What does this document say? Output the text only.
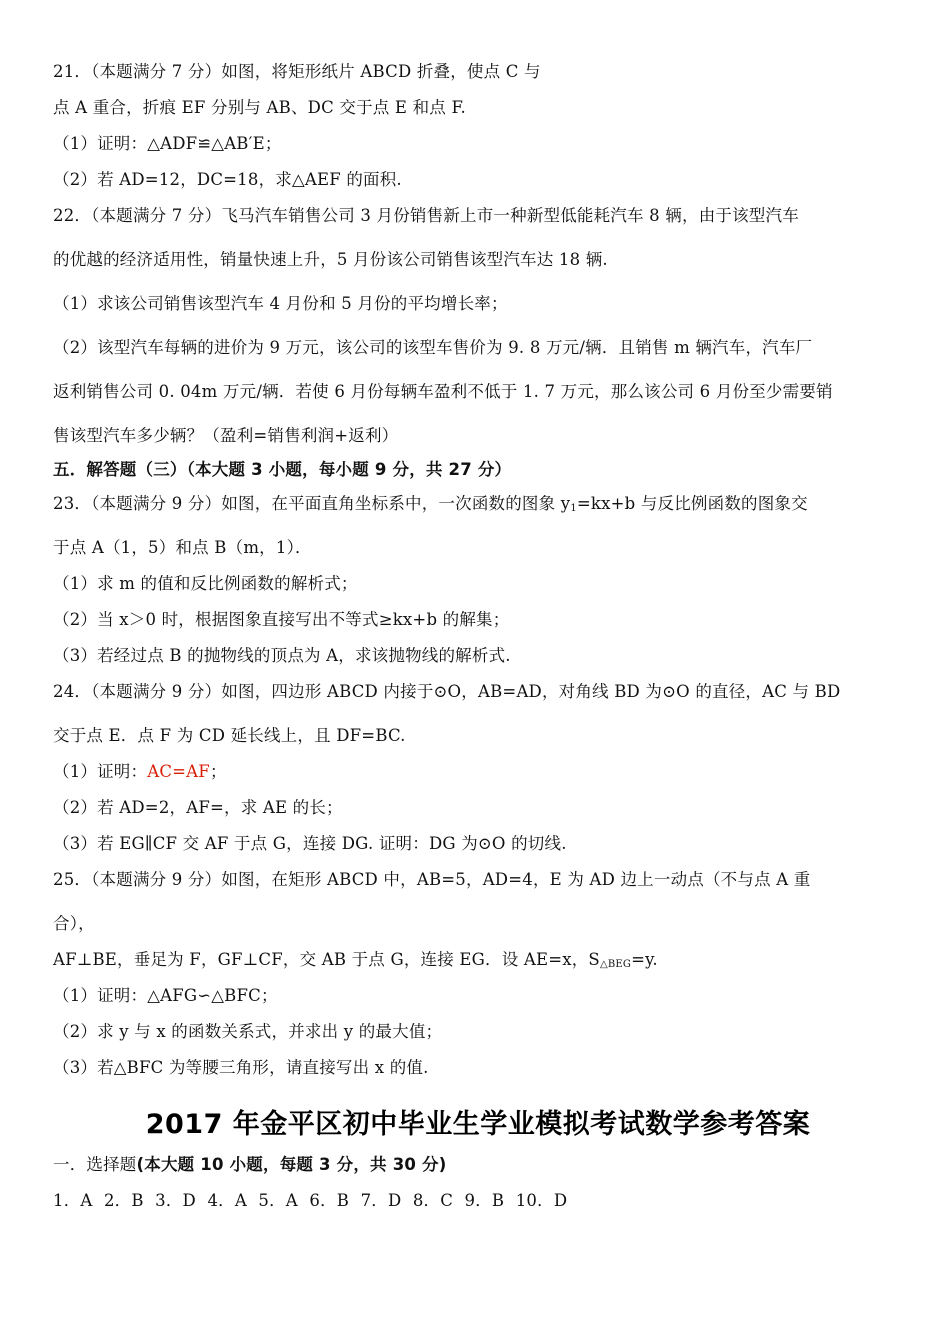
21．（本题满分 7 分）如图，将矩形纸片 ABCD 折叠，使点 C 与
点 A 重合，折痕 EF 分别与 AB、DC 交于点 E 和点 F.
（1）证明：△ADF≌△AB′E；
（2）若 AD=12，DC=18，求△AEF 的面积.
22．（本题满分 7 分）飞马汽车销售公司 3 月份销售新上市一种新型低能耗汽车 8 辆，由于该型汽车
的优越的经济适用性，销量快速上升，5 月份该公司销售该型汽车达 18 辆.
（1）求该公司销售该型汽车 4 月份和 5 月份的平均增长率；
（2）该型汽车每辆的进价为 9 万元，该公司的该型车售价为 9. 8 万元/辆．且销售 m 辆汽车，汽车厂
返利销售公司 0. 04m 万元/辆．若使 6 月份每辆车盈利不低于 1. 7 万元，那么该公司 6 月份至少需要销
售该型汽车多少辆？（盈利=销售利润+返利）
五．解答题（三）（本大题 3 小题，每小题 9 分，共 27 分）
23．（本题满分 9 分）如图，在平面直角坐标系中，一次函数的图象 $y_1=kx+b$ 与反比例函数的图象交
于点 A（1，5）和点 B（m，1）．
（1）求 m 的值和反比例函数的解析式；
（2）当 x＞0 时，根据图象直接写出不等式≥kx+b 的解集；
（3）若经过点 B 的抛物线的顶点为 A，求该抛物线的解析式.
24．（本题满分 9 分）如图，四边形 ABCD 内接于⊙O，AB=AD，对角线 BD 为⊙O 的直径，AC 与 BD
交于点 E．点 F 为 CD 延长线上，且 DF=BC.
（1）证明：AC=AF；
（2）若 AD=2，AF=，求 AE 的长；
（3）若 EG∥CF 交 AF 于点 G，连接 DG. 证明：DG 为⊙O 的切线.
25．（本题满分 9 分）如图，在矩形 ABCD 中，AB=5，AD=4，E 为 AD 边上一动点（不与点 A 重
合），
AF⊥BE，垂足为 F，GF⊥CF，交 AB 于点 G，连接 EG．设 AE=x，$S_{\triangle BEG}=y$.
（1）证明：△AFG∽△BFC；
（2）求 y 与 x 的函数关系式，并求出 y 的最大值；
（3）若△BFC 为等腰三角形，请直接写出 x 的值.
2017 年金平区初中毕业生学业模拟考试数学参考答案
一．选择题(本大题 10 小题，每题 3 分，共 30 分)
1．A 2．B 3．D 4．A 5．A 6．B 7．D 8．C 9．B 10．D
